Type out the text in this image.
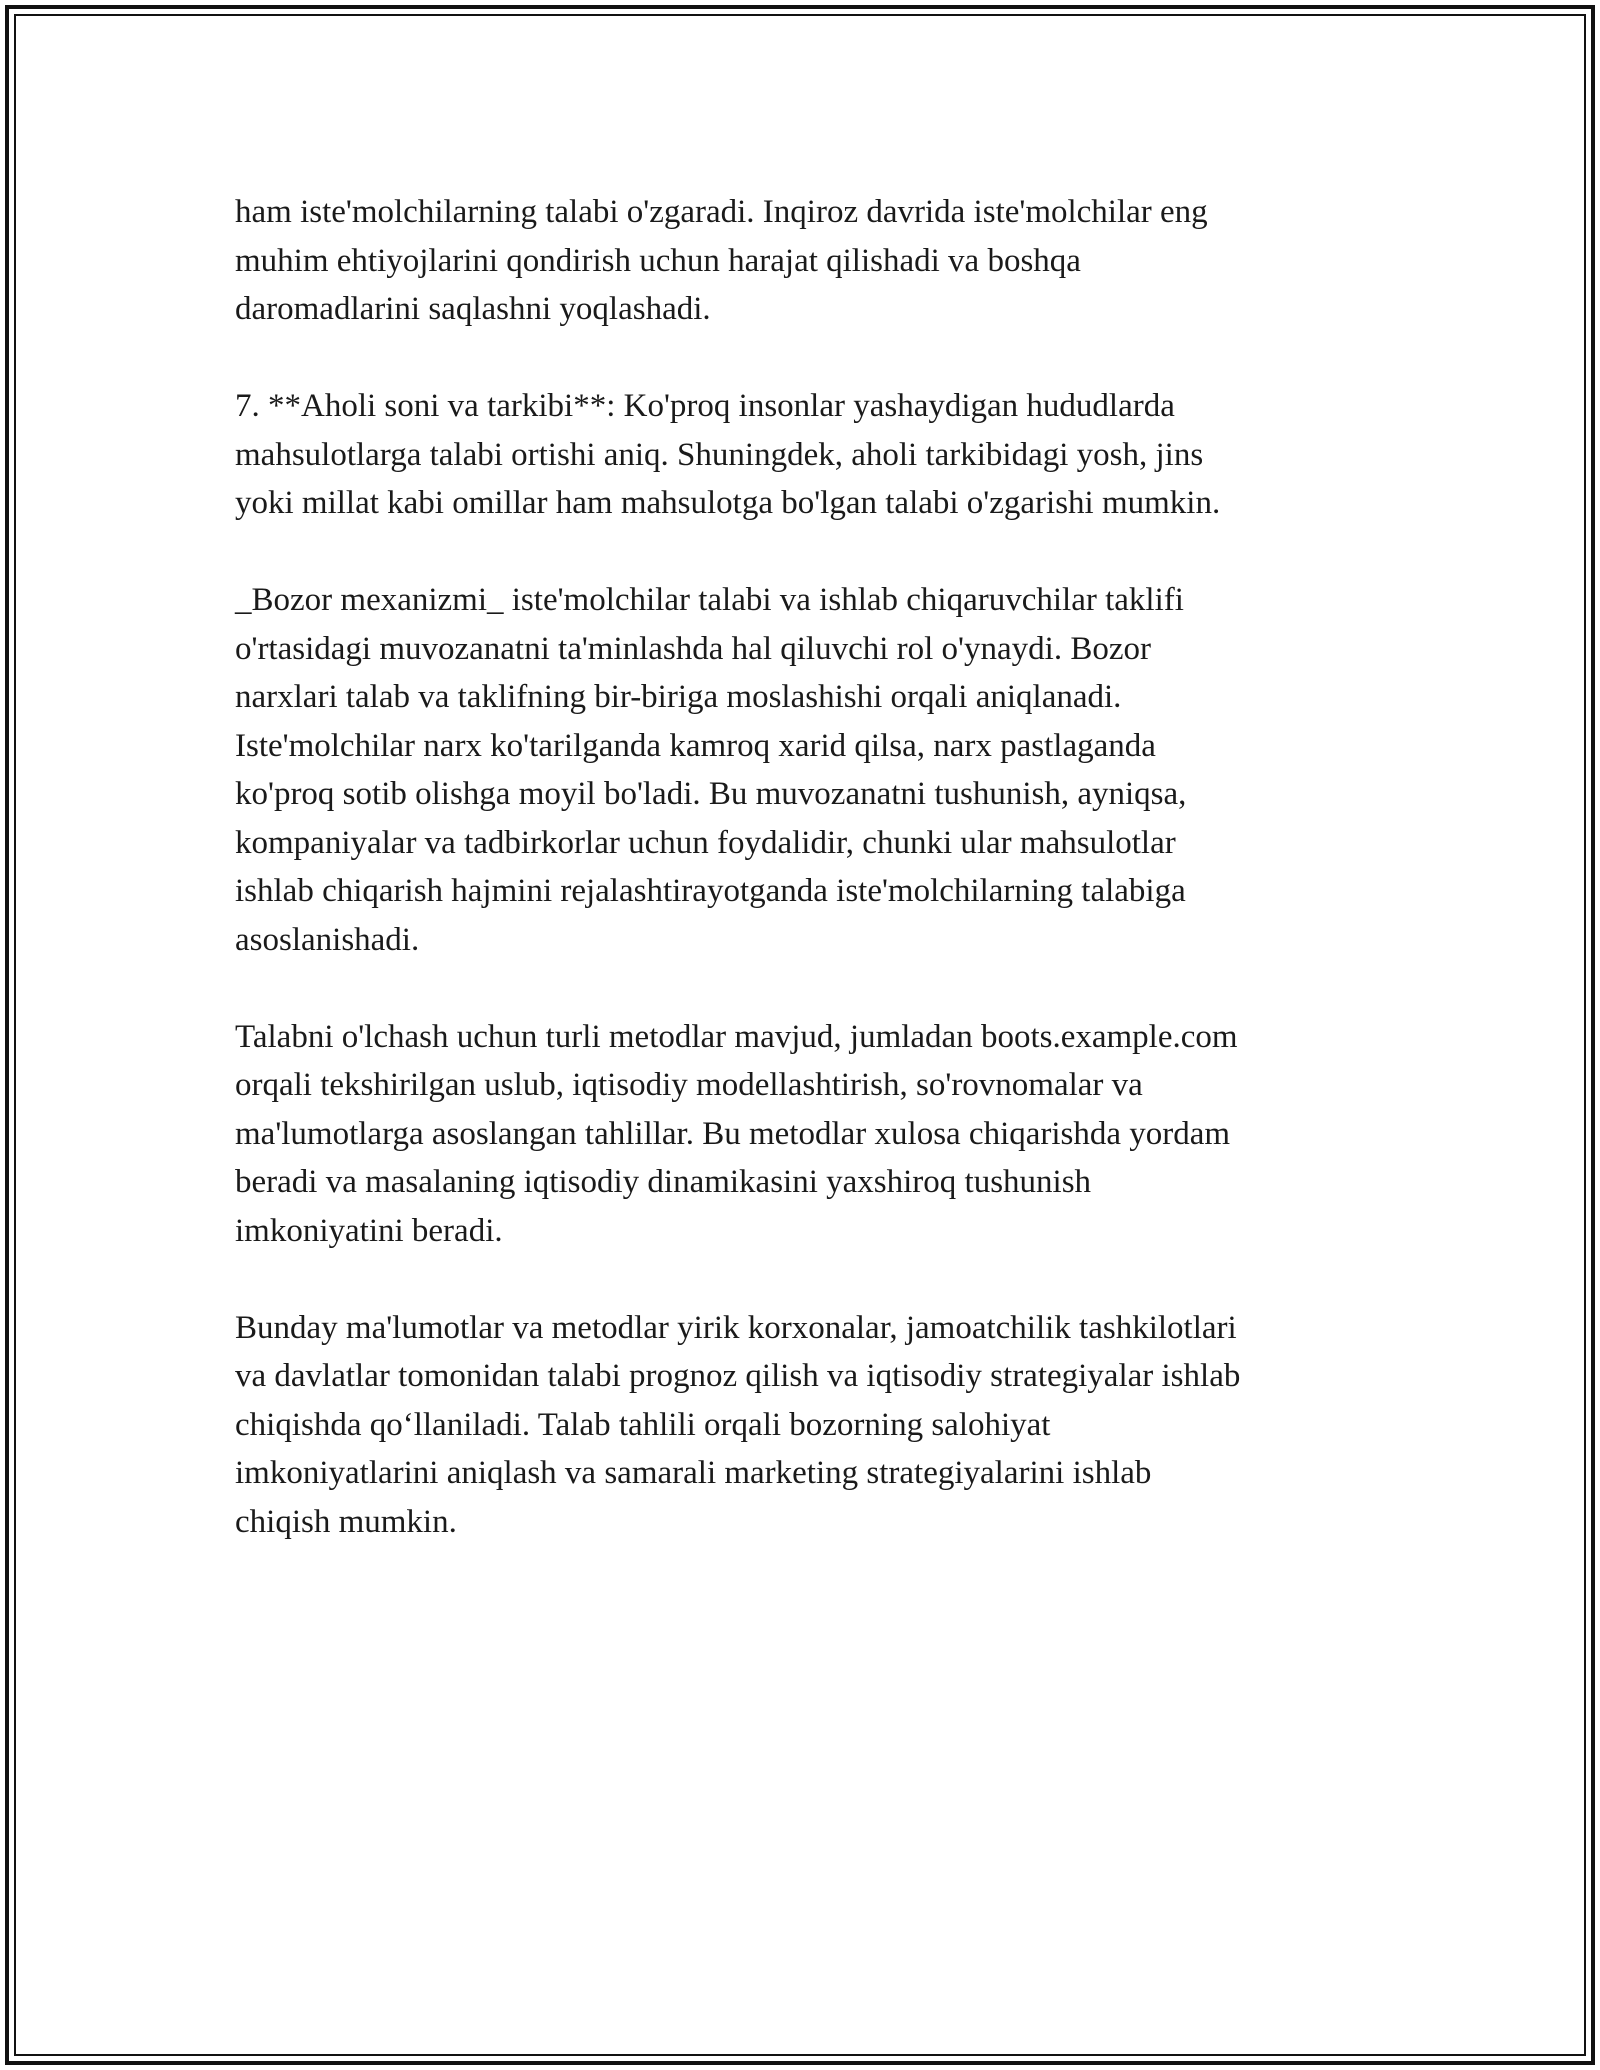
ham iste'molchilarning talabi o'zgaradi. Inqiroz davrida iste'molchilar eng
muhim ehtiyojlarini qondirish uchun harajat qilishadi va boshqa
daromadlarini saqlashni yoqlashadi.

7. **Aholi soni va tarkibi**: Ko'proq insonlar yashaydigan hududlarda
mahsulotlarga talabi ortishi aniq. Shuningdek, aholi tarkibidagi yosh, jins
yoki millat kabi omillar ham mahsulotga bo'lgan talabi o'zgarishi mumkin.

_Bozor mexanizmi_ iste'molchilar talabi va ishlab chiqaruvchilar taklifi
o'rtasidagi muvozanatni ta'minlashda hal qiluvchi rol o'ynaydi. Bozor
narxlari talab va taklifning bir-biriga moslashishi orqali aniqlanadi.
Iste'molchilar narx ko'tarilganda kamroq xarid qilsa, narx pastlaganda
ko'proq sotib olishga moyil bo'ladi. Bu muvozanatni tushunish, ayniqsa,
kompaniyalar va tadbirkorlar uchun foydalidir, chunki ular mahsulotlar
ishlab chiqarish hajmini rejalashtirayotganda iste'molchilarning talabiga
asoslanishadi.

Talabni o'lchash uchun turli metodlar mavjud, jumladan boots.example.com
orqali tekshirilgan uslub, iqtisodiy modellashtirish, so'rovnomalar va
ma'lumotlarga asoslangan tahlillar. Bu metodlar xulosa chiqarishda yordam
beradi va masalaning iqtisodiy dinamikasini yaxshiroq tushunish
imkoniyatini beradi.

Bunday ma'lumotlar va metodlar yirik korxonalar, jamoatchilik tashkilotlari
va davlatlar tomonidan talabi prognoz qilish va iqtisodiy strategiyalar ishlab
chiqishda qo‘llaniladi. Talab tahlili orqali bozorning salohiyat
imkoniyatlarini aniqlash va samarali marketing strategiyalarini ishlab
chiqish mumkin.
